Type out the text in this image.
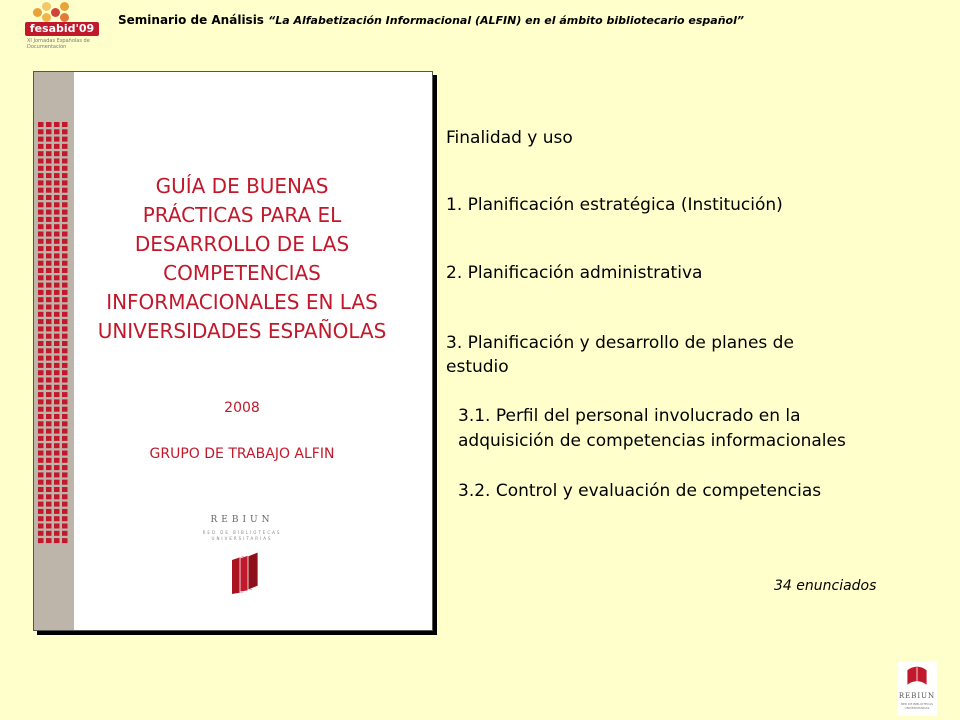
fesabid'09
XI Jornadas Españolas de Documentación
Seminario de Análisis “La Alfabetización Informacional (ALFIN) en el ámbito bibliotecario español”
GUÍA DE BUENAS
PRÁCTICAS PARA EL
DESARROLLO DE LAS
COMPETENCIAS
INFORMACIONALES EN LAS
UNIVERSIDADES ESPAÑOLAS
2008
GRUPO DE TRABAJO ALFIN
REBIUN
RED DE BIBLIOTECAS UNIVERSITARIAS
Finalidad y uso
1. Planificación estratégica (Institución)
2. Planificación administrativa
3. Planificación y desarrollo de planes de
estudio
3.1. Perfil del personal involucrado en la
adquisición de competencias informacionales
3.2. Control y evaluación de competencias
34 enunciados
REBIUN
RED DE BIBLIOTECAS UNIVERSITARIAS
